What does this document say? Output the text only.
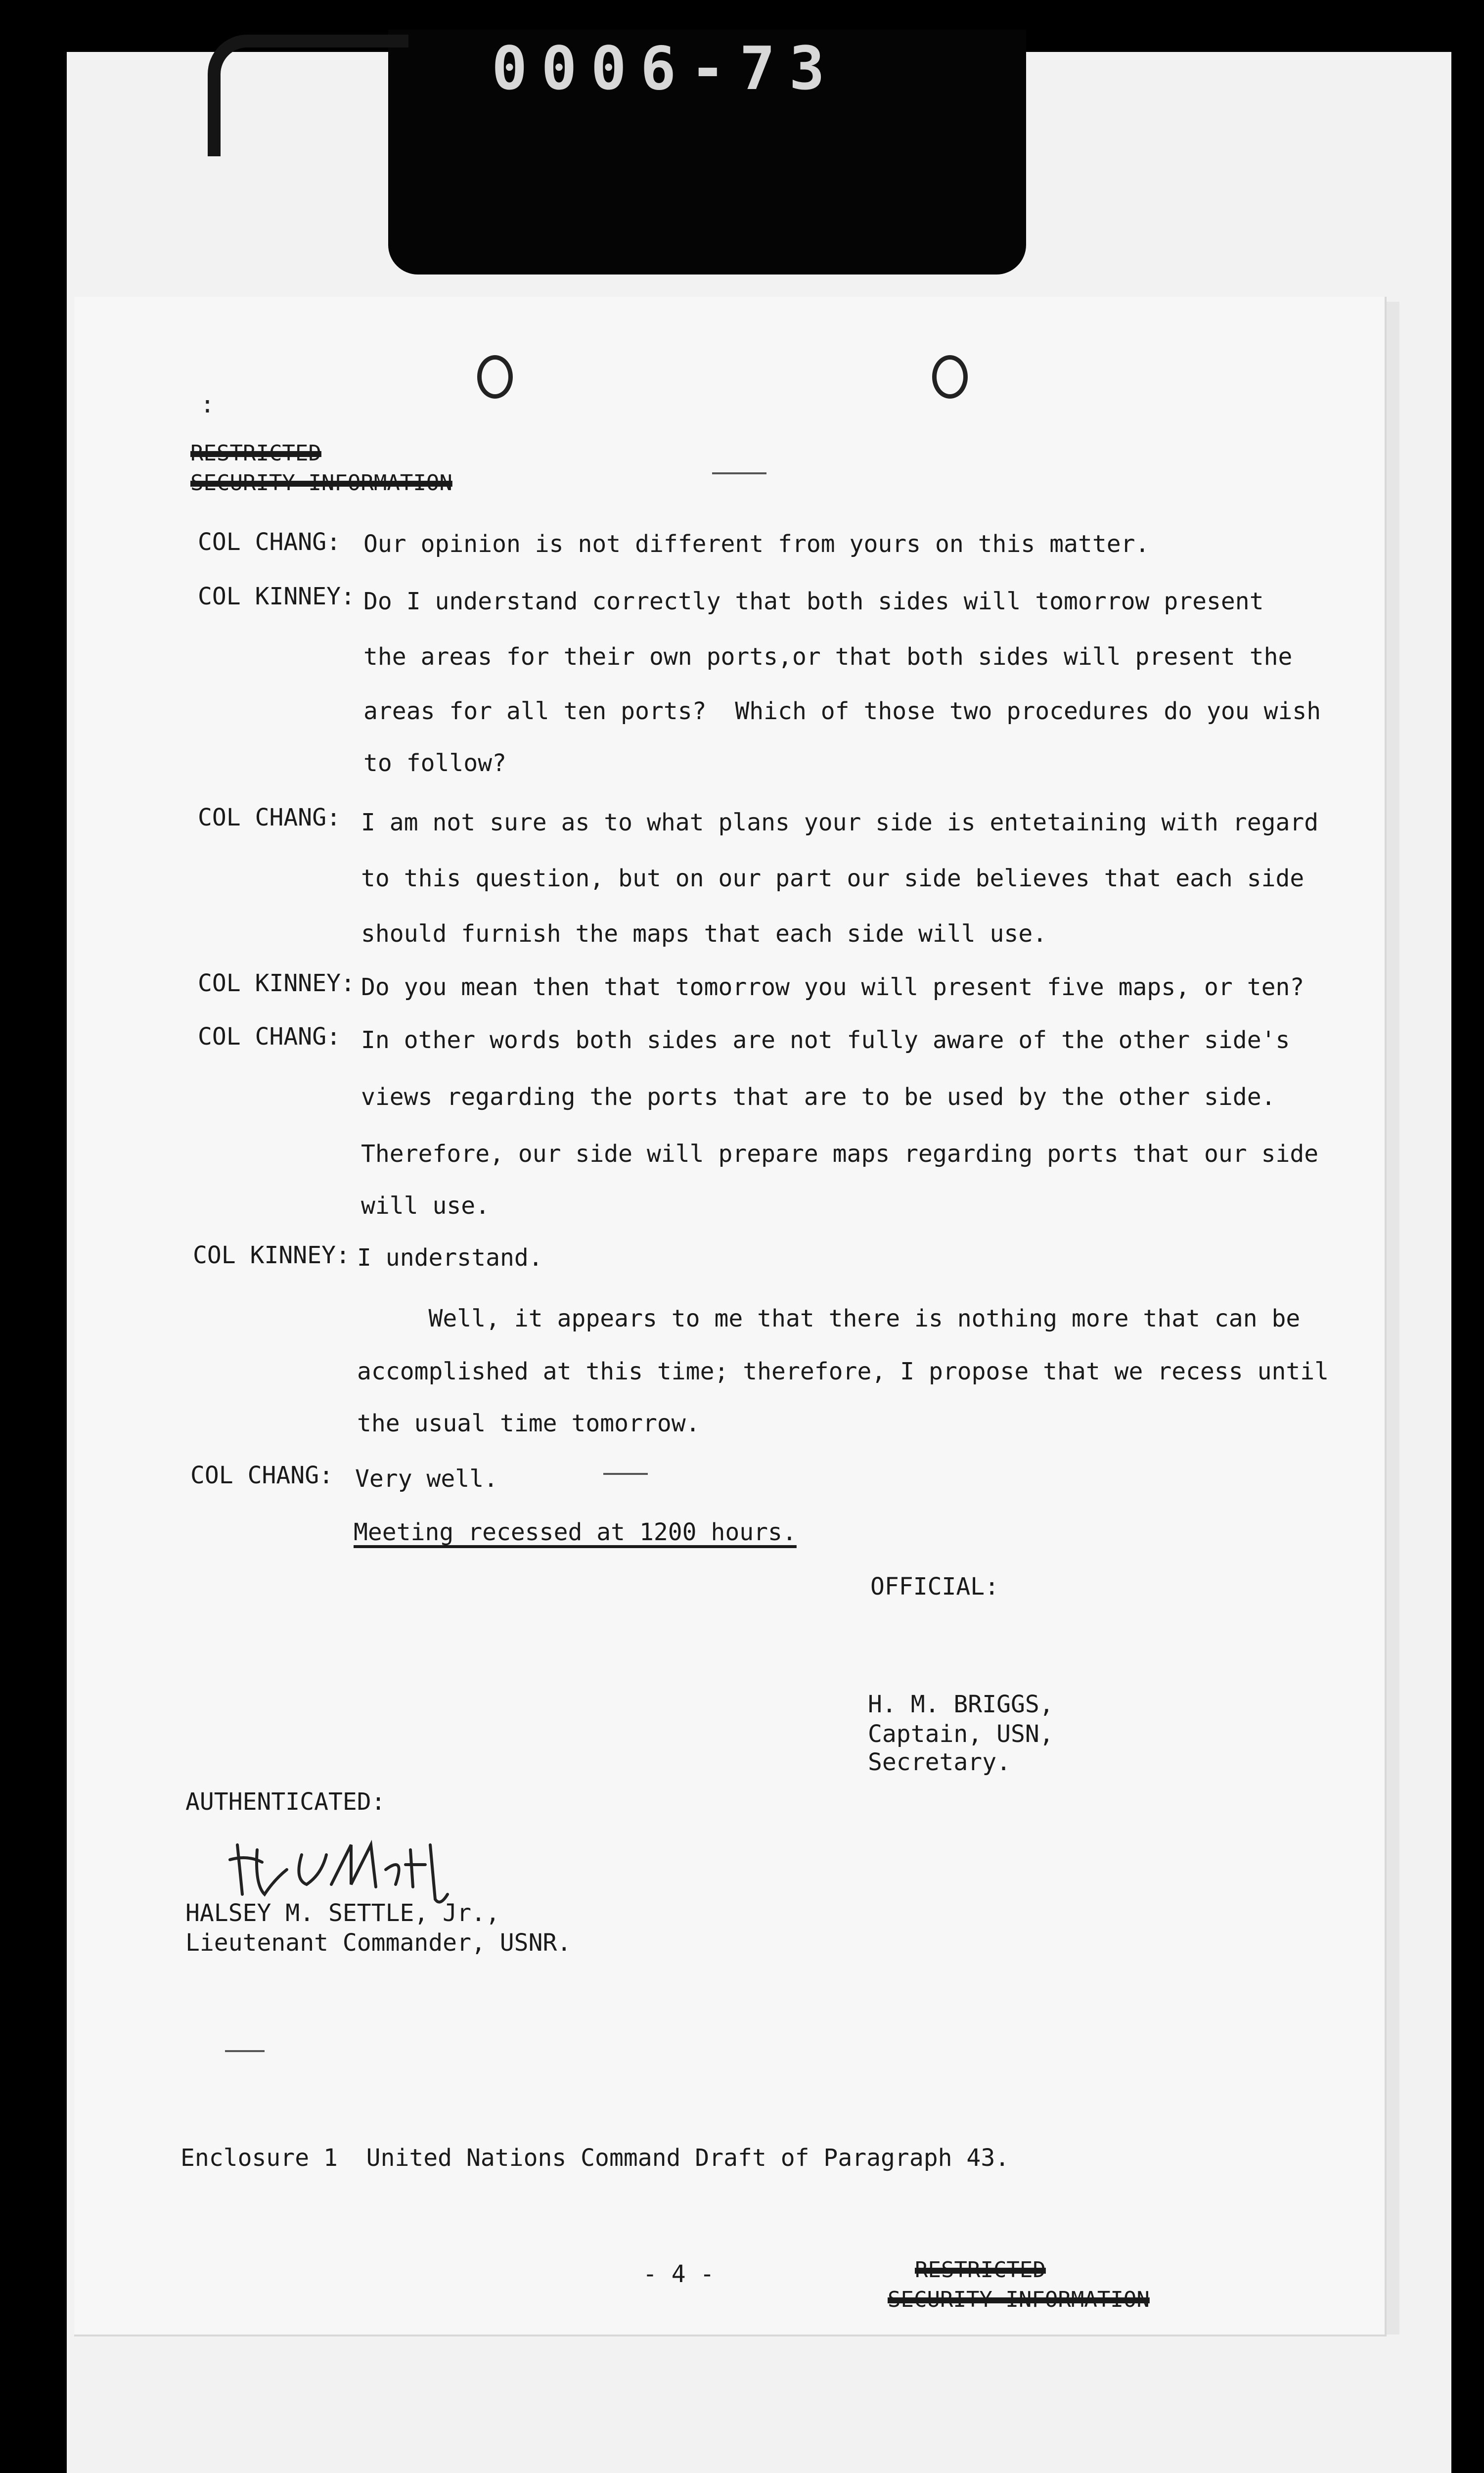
0006-73
:
RESTRICTED
SECURITY INFORMATION
COL CHANG: Our opinion is not different from yours on this matter.
COL KINNEY: Do I understand correctly that both sides will tomorrow present
the areas for their own ports,or that both sides will present the
areas for all ten ports?  Which of those two procedures do you wish
to follow?
COL CHANG: I am not sure as to what plans your side is entetaining with regard
to this question, but on our part our side believes that each side
should furnish the maps that each side will use.
COL KINNEY: Do you mean then that tomorrow you will present five maps, or ten?
COL CHANG: In other words both sides are not fully aware of the other side's
views regarding the ports that are to be used by the other side.
Therefore, our side will prepare maps regarding ports that our side
will use.
COL KINNEY: I understand.
Well, it appears to me that there is nothing more that can be
accomplished at this time; therefore, I propose that we recess until
the usual time tomorrow.
COL CHANG: Very well.
Meeting recessed at 1200 hours.
OFFICIAL:
H. M. BRIGGS,
Captain, USN,
Secretary.
AUTHENTICATED:
HALSEY M. SETTLE, Jr.,
Lieutenant Commander, USNR.
Enclosure 1  United Nations Command Draft of Paragraph 43.
- 4 -	RESTRICTED
SECURITY INFORMATION
